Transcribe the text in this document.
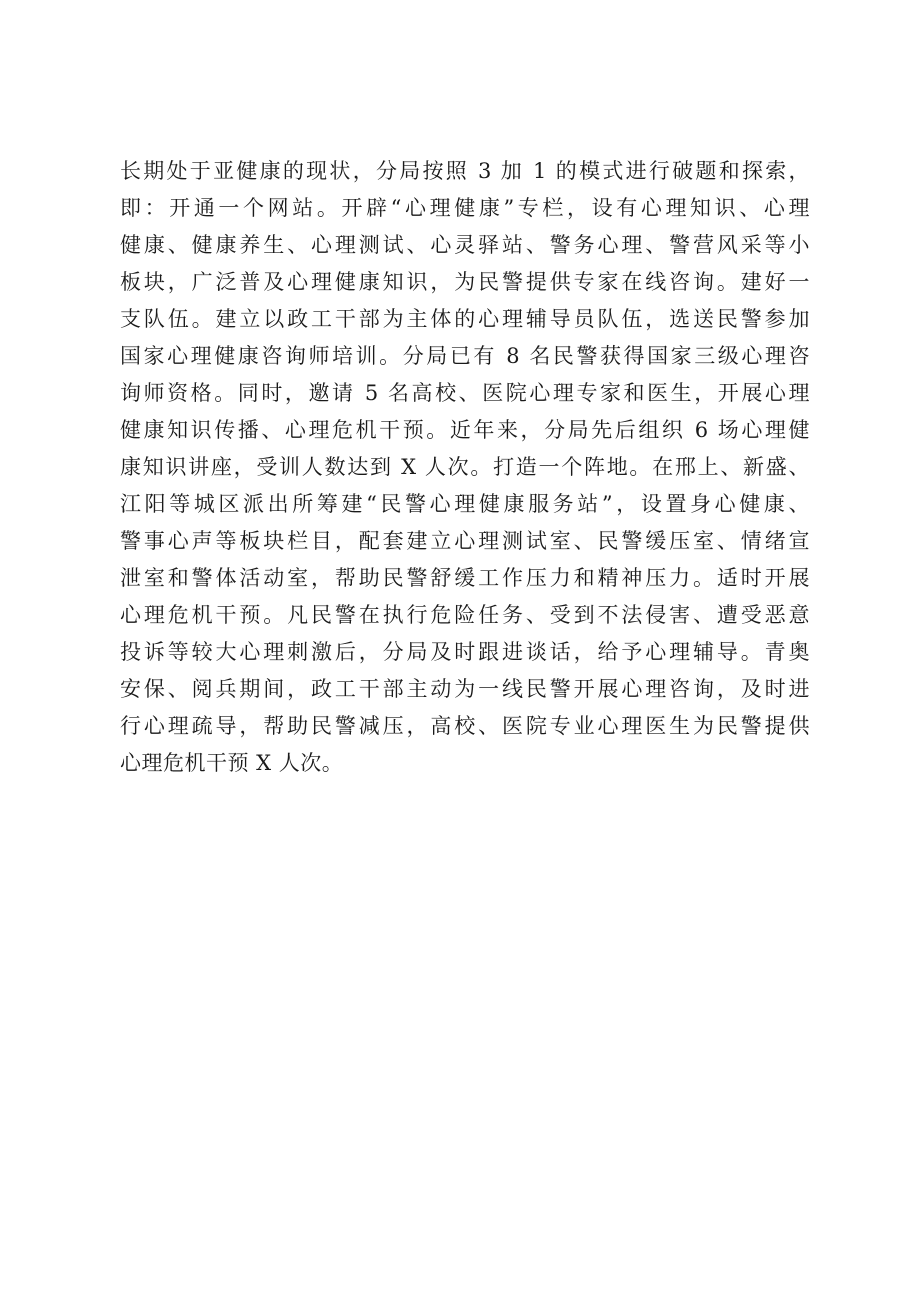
长期处于亚健康的现状，分局按照 3 加 1 的模式进行破题和探索，
即：开通一个网站。开辟“心理健康”专栏，设有心理知识、心理
健康、健康养生、心理测试、心灵驿站、警务心理、警营风采等小
板块，广泛普及心理健康知识，为民警提供专家在线咨询。建好一
支队伍。建立以政工干部为主体的心理辅导员队伍，选送民警参加
国家心理健康咨询师培训。分局已有 8 名民警获得国家三级心理咨
询师资格。同时，邀请 5 名高校、医院心理专家和医生，开展心理
健康知识传播、心理危机干预。近年来，分局先后组织 6 场心理健
康知识讲座，受训人数达到 X 人次。打造一个阵地。在邢上、新盛、
江阳等城区派出所筹建“民警心理健康服务站”，设置身心健康、
警事心声等板块栏目，配套建立心理测试室、民警缓压室、情绪宣
泄室和警体活动室，帮助民警舒缓工作压力和精神压力。适时开展
心理危机干预。凡民警在执行危险任务、受到不法侵害、遭受恶意
投诉等较大心理刺激后，分局及时跟进谈话，给予心理辅导。青奥
安保、阅兵期间，政工干部主动为一线民警开展心理咨询，及时进
行心理疏导，帮助民警减压，高校、医院专业心理医生为民警提供
心理危机干预 X 人次。
